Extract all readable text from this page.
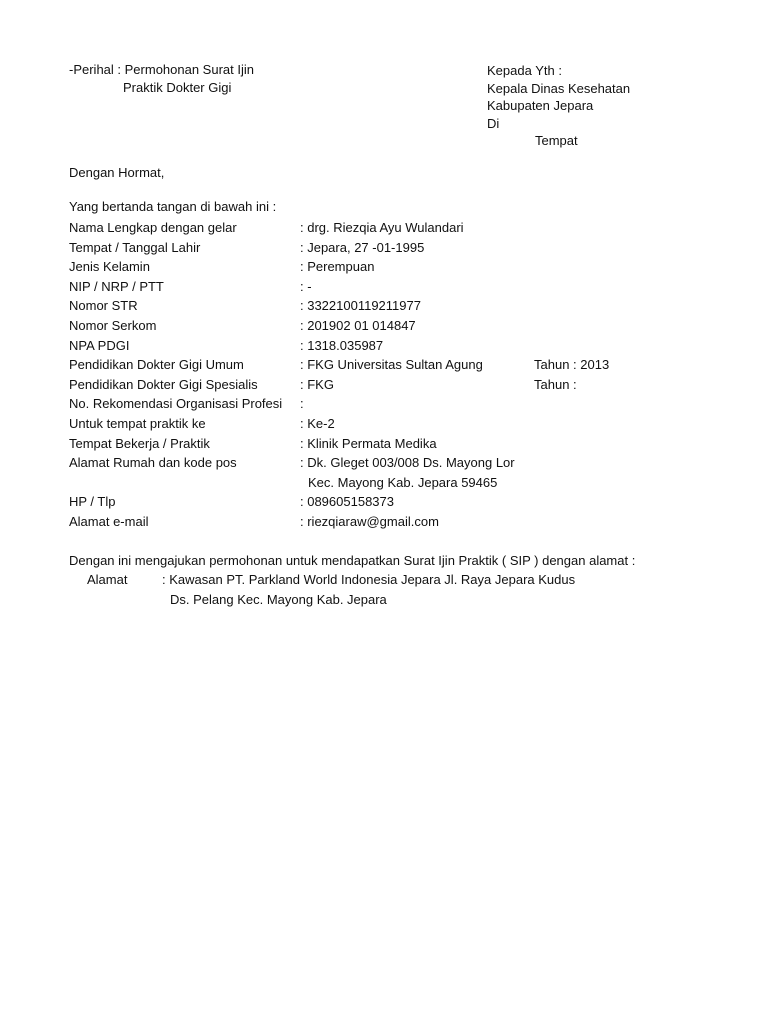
-Perihal : Permohonan Surat Ijin
Praktik Dokter Gigi
Kepada Yth :
Kepala Dinas Kesehatan
Kabupaten Jepara
Di
Tempat
Dengan Hormat,
Yang bertanda tangan di bawah ini :
Nama Lengkap dengan gelar	: drg. Riezqia Ayu Wulandari
Tempat / Tanggal Lahir	: Jepara, 27 -01-1995
Jenis Kelamin	: Perempuan
NIP / NRP / PTT	: -
Nomor STR	: 3322100119211977
Nomor Serkom	: 201902 01 014847
NPA PDGI	: 1318.035987
Pendidikan Dokter Gigi Umum	: FKG Universitas Sultan Agung	Tahun : 2013
Pendidikan Dokter Gigi Spesialis	: FKG	Tahun :
No. Rekomendasi Organisasi Profesi :
Untuk tempat praktik ke	: Ke-2
Tempat Bekerja / Praktik	: Klinik Permata Medika
Alamat Rumah dan kode pos	: Dk. Gleget 003/008 Ds. Mayong Lor
Kec. Mayong Kab. Jepara 59465
HP / Tlp	: 089605158373
Alamat e-mail	: riezqiaraw@gmail.com
Dengan ini mengajukan permohonan untuk mendapatkan Surat Ijin Praktik ( SIP ) dengan alamat :
Alamat	: Kawasan PT. Parkland World Indonesia Jepara Jl. Raya Jepara Kudus
Ds. Pelang Kec. Mayong Kab. Jepara
